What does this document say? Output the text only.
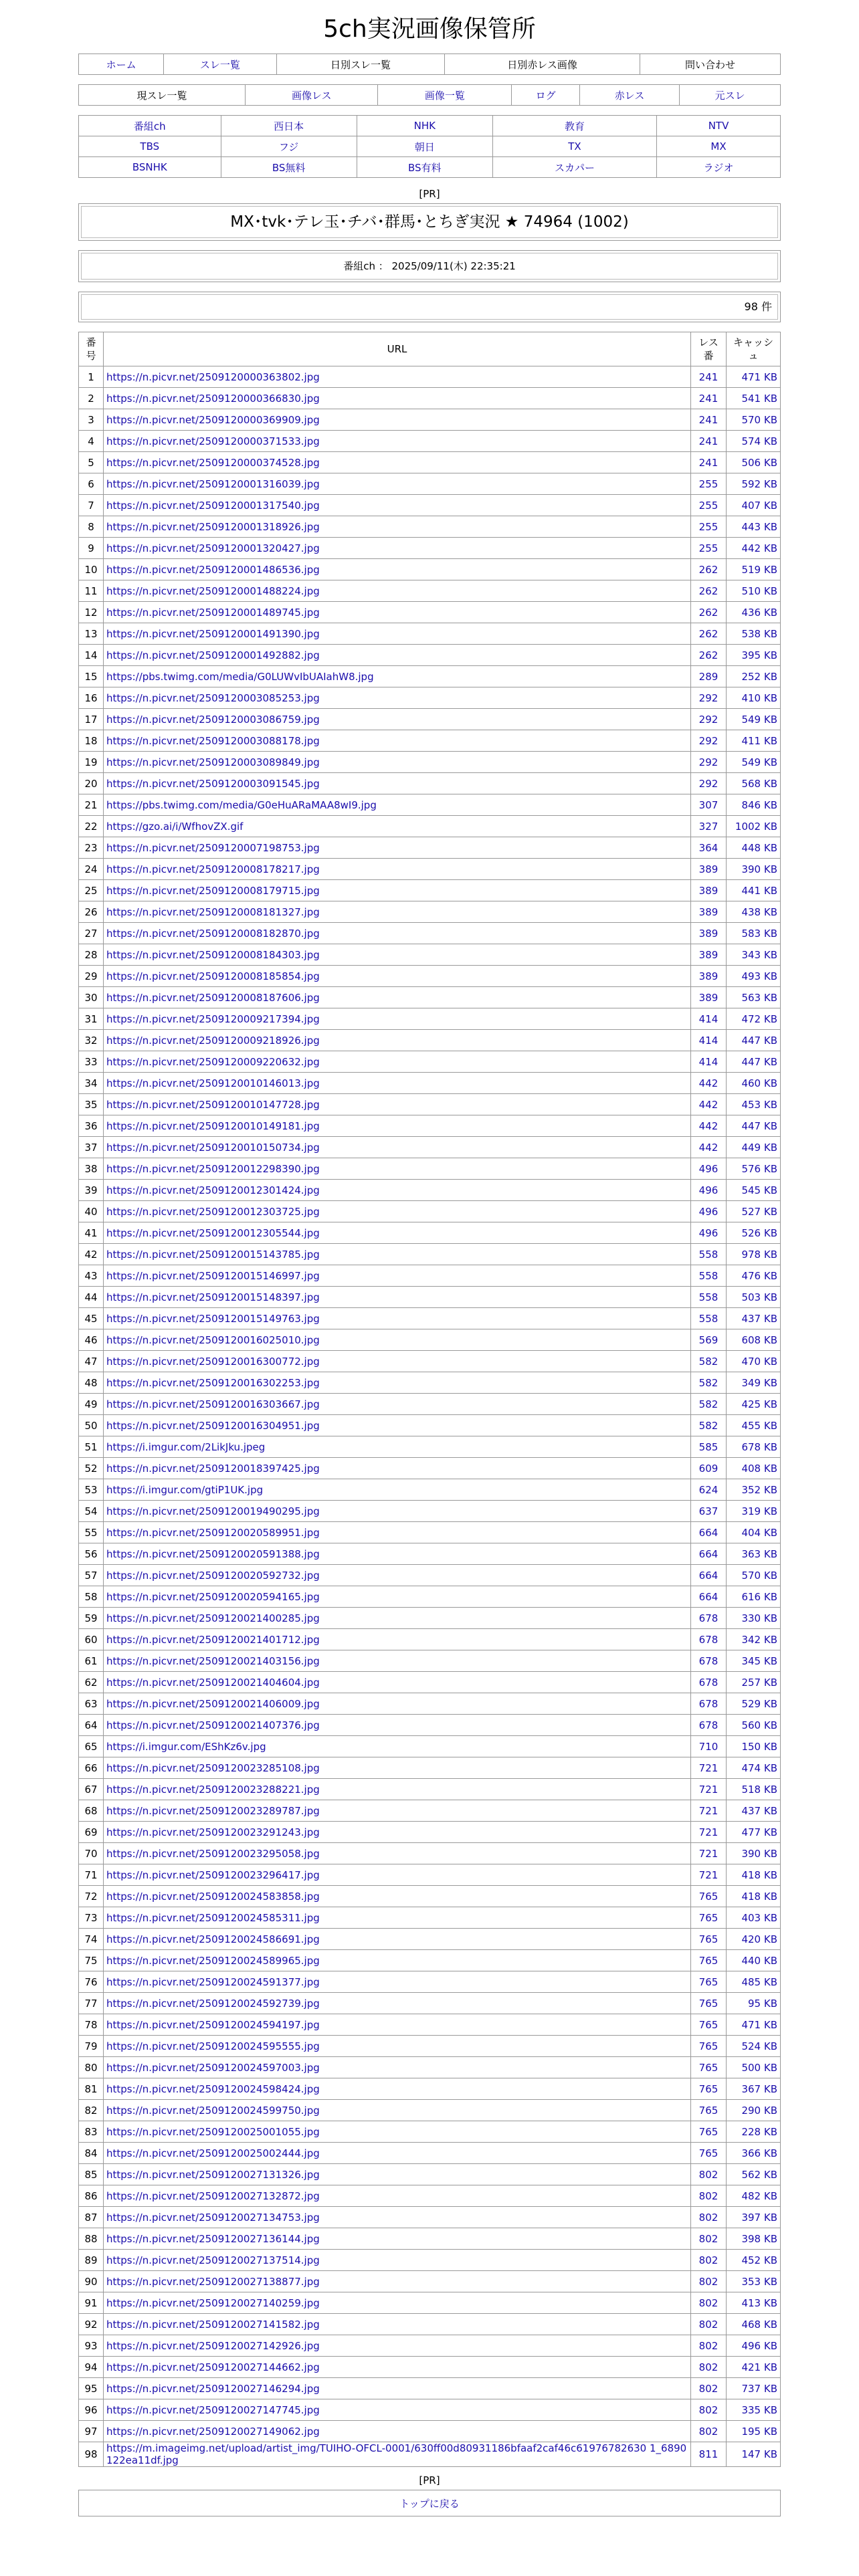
5ch実況画像保管所
ホーム	スレ一覧	日別スレ一覧	日別赤レス画像	問い合わせ
現スレ一覧	画像レス	画像一覧	ログ	赤レス	元スレ
番組ch	西日本	NHK	教育	NTV
TBS	フジ	朝日	TX	MX
BSNHK	BS無料	BS有料	スカパー	ラジオ
[PR]
MX･tvk･テレ玉･チバ･群馬･とちぎ実況 ★ 74964 (1002)
番組ch ： 2025/09/11(木) 22:35:21
98 件
番号	URL	レス番	キャッシュ
1	https://n.picvr.net/2509120000363802.jpg	241	471 KB
2	https://n.picvr.net/2509120000366830.jpg	241	541 KB
3	https://n.picvr.net/2509120000369909.jpg	241	570 KB
4	https://n.picvr.net/2509120000371533.jpg	241	574 KB
5	https://n.picvr.net/2509120000374528.jpg	241	506 KB
6	https://n.picvr.net/2509120001316039.jpg	255	592 KB
7	https://n.picvr.net/2509120001317540.jpg	255	407 KB
8	https://n.picvr.net/2509120001318926.jpg	255	443 KB
9	https://n.picvr.net/2509120001320427.jpg	255	442 KB
10	https://n.picvr.net/2509120001486536.jpg	262	519 KB
11	https://n.picvr.net/2509120001488224.jpg	262	510 KB
12	https://n.picvr.net/2509120001489745.jpg	262	436 KB
13	https://n.picvr.net/2509120001491390.jpg	262	538 KB
14	https://n.picvr.net/2509120001492882.jpg	262	395 KB
15	https://pbs.twimg.com/media/G0LUWvIbUAIahW8.jpg	289	252 KB
16	https://n.picvr.net/2509120003085253.jpg	292	410 KB
17	https://n.picvr.net/2509120003086759.jpg	292	549 KB
18	https://n.picvr.net/2509120003088178.jpg	292	411 KB
19	https://n.picvr.net/2509120003089849.jpg	292	549 KB
20	https://n.picvr.net/2509120003091545.jpg	292	568 KB
21	https://pbs.twimg.com/media/G0eHuARaMAA8wI9.jpg	307	846 KB
22	https://gzo.ai/i/WfhovZX.gif	327	1002 KB
23	https://n.picvr.net/2509120007198753.jpg	364	448 KB
24	https://n.picvr.net/2509120008178217.jpg	389	390 KB
25	https://n.picvr.net/2509120008179715.jpg	389	441 KB
26	https://n.picvr.net/2509120008181327.jpg	389	438 KB
27	https://n.picvr.net/2509120008182870.jpg	389	583 KB
28	https://n.picvr.net/2509120008184303.jpg	389	343 KB
29	https://n.picvr.net/2509120008185854.jpg	389	493 KB
30	https://n.picvr.net/2509120008187606.jpg	389	563 KB
31	https://n.picvr.net/2509120009217394.jpg	414	472 KB
32	https://n.picvr.net/2509120009218926.jpg	414	447 KB
33	https://n.picvr.net/2509120009220632.jpg	414	447 KB
34	https://n.picvr.net/2509120010146013.jpg	442	460 KB
35	https://n.picvr.net/2509120010147728.jpg	442	453 KB
36	https://n.picvr.net/2509120010149181.jpg	442	447 KB
37	https://n.picvr.net/2509120010150734.jpg	442	449 KB
38	https://n.picvr.net/2509120012298390.jpg	496	576 KB
39	https://n.picvr.net/2509120012301424.jpg	496	545 KB
40	https://n.picvr.net/2509120012303725.jpg	496	527 KB
41	https://n.picvr.net/2509120012305544.jpg	496	526 KB
42	https://n.picvr.net/2509120015143785.jpg	558	978 KB
43	https://n.picvr.net/2509120015146997.jpg	558	476 KB
44	https://n.picvr.net/2509120015148397.jpg	558	503 KB
45	https://n.picvr.net/2509120015149763.jpg	558	437 KB
46	https://n.picvr.net/2509120016025010.jpg	569	608 KB
47	https://n.picvr.net/2509120016300772.jpg	582	470 KB
48	https://n.picvr.net/2509120016302253.jpg	582	349 KB
49	https://n.picvr.net/2509120016303667.jpg	582	425 KB
50	https://n.picvr.net/2509120016304951.jpg	582	455 KB
51	https://i.imgur.com/2LikJku.jpeg	585	678 KB
52	https://n.picvr.net/2509120018397425.jpg	609	408 KB
53	https://i.imgur.com/gtiP1UK.jpg	624	352 KB
54	https://n.picvr.net/2509120019490295.jpg	637	319 KB
55	https://n.picvr.net/2509120020589951.jpg	664	404 KB
56	https://n.picvr.net/2509120020591388.jpg	664	363 KB
57	https://n.picvr.net/2509120020592732.jpg	664	570 KB
58	https://n.picvr.net/2509120020594165.jpg	664	616 KB
59	https://n.picvr.net/2509120021400285.jpg	678	330 KB
60	https://n.picvr.net/2509120021401712.jpg	678	342 KB
61	https://n.picvr.net/2509120021403156.jpg	678	345 KB
62	https://n.picvr.net/2509120021404604.jpg	678	257 KB
63	https://n.picvr.net/2509120021406009.jpg	678	529 KB
64	https://n.picvr.net/2509120021407376.jpg	678	560 KB
65	https://i.imgur.com/EShKz6v.jpg	710	150 KB
66	https://n.picvr.net/2509120023285108.jpg	721	474 KB
67	https://n.picvr.net/2509120023288221.jpg	721	518 KB
68	https://n.picvr.net/2509120023289787.jpg	721	437 KB
69	https://n.picvr.net/2509120023291243.jpg	721	477 KB
70	https://n.picvr.net/2509120023295058.jpg	721	390 KB
71	https://n.picvr.net/2509120023296417.jpg	721	418 KB
72	https://n.picvr.net/2509120024583858.jpg	765	418 KB
73	https://n.picvr.net/2509120024585311.jpg	765	403 KB
74	https://n.picvr.net/2509120024586691.jpg	765	420 KB
75	https://n.picvr.net/2509120024589965.jpg	765	440 KB
76	https://n.picvr.net/2509120024591377.jpg	765	485 KB
77	https://n.picvr.net/2509120024592739.jpg	765	95 KB
78	https://n.picvr.net/2509120024594197.jpg	765	471 KB
79	https://n.picvr.net/2509120024595555.jpg	765	524 KB
80	https://n.picvr.net/2509120024597003.jpg	765	500 KB
81	https://n.picvr.net/2509120024598424.jpg	765	367 KB
82	https://n.picvr.net/2509120024599750.jpg	765	290 KB
83	https://n.picvr.net/2509120025001055.jpg	765	228 KB
84	https://n.picvr.net/2509120025002444.jpg	765	366 KB
85	https://n.picvr.net/2509120027131326.jpg	802	562 KB
86	https://n.picvr.net/2509120027132872.jpg	802	482 KB
87	https://n.picvr.net/2509120027134753.jpg	802	397 KB
88	https://n.picvr.net/2509120027136144.jpg	802	398 KB
89	https://n.picvr.net/2509120027137514.jpg	802	452 KB
90	https://n.picvr.net/2509120027138877.jpg	802	353 KB
91	https://n.picvr.net/2509120027140259.jpg	802	413 KB
92	https://n.picvr.net/2509120027141582.jpg	802	468 KB
93	https://n.picvr.net/2509120027142926.jpg	802	496 KB
94	https://n.picvr.net/2509120027144662.jpg	802	421 KB
95	https://n.picvr.net/2509120027146294.jpg	802	737 KB
96	https://n.picvr.net/2509120027147745.jpg	802	335 KB
97	https://n.picvr.net/2509120027149062.jpg	802	195 KB
98	https://m.imageimg.net/upload/artist_img/TUIHO-OFCL-0001/630ff00d80931186bfaaf2caf46c61976782630 1_6890122ea11df.jpg	811	147 KB
[PR]
トップに戻る
